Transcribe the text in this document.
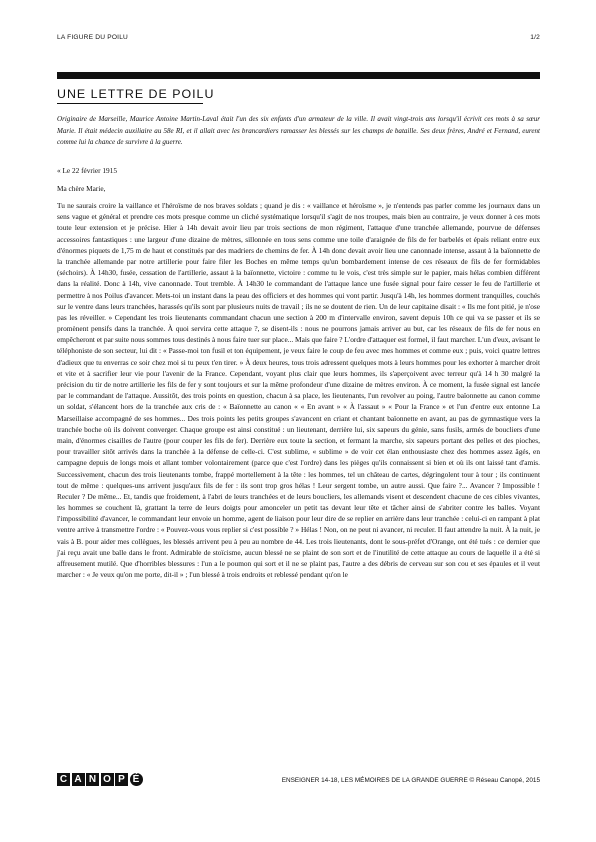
LA FIGURE DU POILU	1/2
UNE LETTRE DE POILU

Originaire de Marseille, Maurice Antoine Martin-Laval était l'un des six enfants d'un armateur de la ville. Il avait vingt-trois ans lorsqu'il écrivit ces mots à sa sœur Marie. Il était médecin auxiliaire au 58e RI, et il allait avec les brancardiers ramasser les blessés sur les champs de bataille. Ses deux frères, André et Fernand, eurent comme lui la chance de survivre à la guerre.

« Le 22 février 1915

Ma chère Marie,

Tu ne saurais croire la vaillance et l'héroïsme de nos braves soldats ; quand je dis : « vaillance et héroïsme », je n'entends pas parler comme les journaux dans un sens vague et général et prendre ces mots presque comme un cliché systématique lorsqu'il s'agit de nos troupes, mais bien au contraire, je veux donner à ces mots toute leur extension et je précise. Hier à 14h devait avoir lieu par trois sections de mon régiment, l'attaque d'une tranchée allemande, pourvue de défenses accessoires fantastiques : une largeur d'une dizaine de mètres, sillonnée en tous sens comme une toile d'araignée de fils de fer barbelés et épais reliant entre eux d'énormes piquets de 1,75 m de haut et constitués par des madriers de chemins de fer. À 14h donc devait avoir lieu une canonnade intense, assaut à la baïonnette de la tranchée allemande par notre artillerie pour faire filer les Boches en même temps qu'un bombardement intense de ces réseaux de fils de fer formidables (séchoirs). À 14h30, fusée, cessation de l'artillerie, assaut à la baïonnette, victoire : comme tu le vois, c'est très simple sur le papier, mais hélas combien différent dans la réalité. Donc à 14h, vive canonnade. Tout tremble. À 14h30 le commandant de l'attaque lance une fusée signal pour faire cesser le feu de l'artillerie et permettre à nos Poilus d'avancer. Mets-toi un instant dans la peau des officiers et des hommes qui vont partir. Jusqu'à 14h, les hommes dorment tranquilles, couchés sur le ventre dans leurs tranchées, harassés qu'ils sont par plusieurs nuits de travail ; ils ne se doutent de rien. Un de leur capitaine disait : « Ils me font pitié, je n'ose pas les réveiller. » Cependant les trois lieutenants commandant chacun une section à 200 m d'intervalle environ, savent depuis 10h ce qui va se passer et ils se promènent pensifs dans la tranchée. À quoi servira cette attaque ?, se disent-ils : nous ne pourrons jamais arriver au but, car les réseaux de fils de fer nous en empêcheront et par suite nous sommes tous destinés à nous faire tuer sur place... Mais que faire ? L'ordre d'attaquer est formel, il faut marcher. L'un d'eux, avisant le téléphoniste de son secteur, lui dit : « Passe-moi ton fusil et ton équipement, je veux faire le coup de feu avec mes hommes et comme eux ; puis, voici quatre lettres d'adieux que tu enverras ce soir chez moi si tu peux t'en tirer. » À deux heures, tous trois adressent quelques mots à leurs hommes pour les exhorter à marcher droit et vite et à sacrifier leur vie pour l'avenir de la France. Cependant, voyant plus clair que leurs hommes, ils s'aperçoivent avec terreur qu'à 14 h 30 malgré la précision du tir de notre artillerie les fils de fer y sont toujours et sur la même profondeur d'une dizaine de mètres environ. À ce moment, la fusée signal est lancée par le commandant de l'attaque. Aussitôt, des trois points en question, chacun à sa place, les lieutenants, l'un revolver au poing, l'autre baïonnette au canon comme un soldat, s'élancent hors de la tranchée aux cris de : « Baïonnette au canon « « En avant » « À l'assaut » « Pour la France » et l'un d'entre eux entonne La Marseillaise accompagné de ses hommes... Des trois points les petits groupes s'avancent en criant et chantant baïonnette en avant, au pas de gymnastique vers la tranchée boche où ils doivent converger. Chaque groupe est ainsi constitué : un lieutenant, derrière lui, six sapeurs du génie, sans fusils, armés de boucliers d'une main, d'énormes cisailles de l'autre (pour couper les fils de fer). Derrière eux toute la section, et fermant la marche, six sapeurs portant des pelles et des pioches, pour travailler sitôt arrivés dans la tranchée à la défense de celle-ci. C'est sublime, « sublime » de voir cet élan enthousiaste chez des hommes assez âgés, en campagne depuis de longs mois et allant tomber volontairement (parce que c'est l'ordre) dans les pièges qu'ils connaissent si bien et où ils ont laissé tant d'amis. Successivement, chacun des trois lieutenants tombe, frappé mortellement à la tête : les hommes, tel un château de cartes, dégringolent tour à tour ; ils continuent tout de même : quelques-uns arrivent jusqu'aux fils de fer : ils sont trop gros hélas ! Leur sergent tombe, un autre aussi. Que faire ?... Avancer ? Impossible ! Reculer ? De même... Et, tandis que froidement, à l'abri de leurs tranchées et de leurs boucliers, les allemands visent et descendent chacune de ces cibles vivantes, les hommes se couchent là, grattant la terre de leurs doigts pour amonceler un petit tas devant leur tête et tâcher ainsi de s'abriter contre les balles. Voyant l'impossibilité d'avancer, le commandant leur envoie un homme, agent de liaison pour leur dire de se replier en arrière dans leur tranchée : celui-ci en rampant à plat ventre arrive à transmettre l'ordre : « Pouvez-vous vous replier si c'est possible ? » Hélas ! Non, on ne peut ni avancer, ni reculer. Il faut attendre la nuit. À la nuit, je vais à B. pour aider mes collègues, les blessés arrivent peu à peu au nombre de 44. Les trois lieutenants, dont le sous-préfet d'Orange, ont été tués : ce dernier que j'ai reçu avait une balle dans le front. Admirable de stoïcisme, aucun blessé ne se plaint de son sort et de l'inutilité de cette attaque au cours de laquelle il a été si affreusement mutilé. Que d'horribles blessures : l'un a le poumon qui sort et il ne se plaint pas, l'autre a des débris de cerveau sur son cou et ses épaules et il veut marcher : « Je veux qu'on me porte, dit-il » ; l'un blessé à trois endroits et reblessé pendant qu'on le

C A N O P É	ENSEIGNER 14-18, LES MÉMOIRES DE LA GRANDE GUERRE © Réseau Canopé, 2015
